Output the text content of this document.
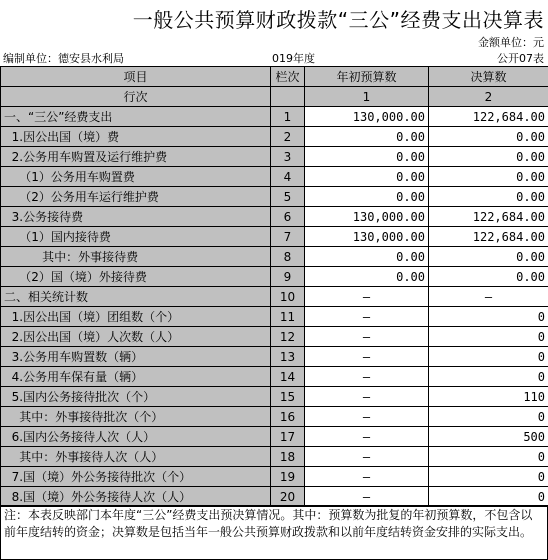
一般公共预算财政拨款“三公”经费支出决算表
金额单位：元
编制单位：德安县水利局	019年度	公开07表
项目	栏次	年初预算数	决算数
行次		1	2
一、“三公”经费支出	1	130,000.00	122,684.00
1.因公出国（境）费	2	0.00	0.00
2.公务用车购置及运行维护费	3	0.00	0.00
（1）公务用车购置费	4	0.00	0.00
（2）公务用车运行维护费	5	0.00	0.00
3.公务接待费	6	130,000.00	122,684.00
（1）国内接待费	7	130,000.00	122,684.00
其中：外事接待费	8	0.00	0.00
（2）国（境）外接待费	9	0.00	0.00
二、相关统计数	10	–	–
1.因公出国（境）团组数（个）	11	–	0
2.因公出国（境）人次数（人）	12	–	0
3.公务用车购置数（辆）	13	–	0
4.公务用车保有量（辆）	14	–	0
5.国内公务接待批次（个）	15	–	110
其中：外事接待批次（个）	16	–	0
6.国内公务接待人次（人）	17	–	500
其中：外事接待人次（人）	18	–	0
7.国（境）外公务接待批次（个）	19	–	0
8.国（境）外公务接待人次（人）	20	–	0
注：本表反映部门本年度“三公”经费支出预决算情况。其中：预算数为批复的年初预算数，不包含以前年度结转的资金；决算数是包括当年一般公共预算财政拨款和以前年度结转资金安排的实际支出。
